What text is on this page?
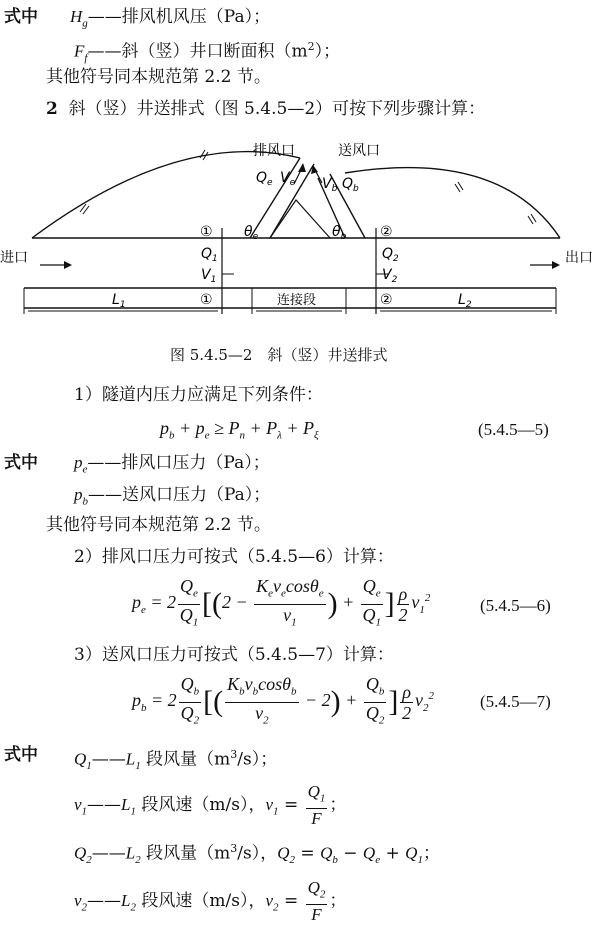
式中 $H_g——$排风机风压（Pa）；
$F_f——$斜（竖）井口断面积$(m^2)$；
其他符号同本规范第 2.2 节。
2 斜（竖）井送排式（图 5.4.5—2）可按下列步骤计算：
排风口	送风口
进口	出口
连接段
①
①
②
②
$Q_e$ $V_e$ $V_b$ $Q_b$
$\theta_e$	$\theta_b$
$Q_1$
$V_1$
$Q_2$
$V_2$
$L_1$	$L_2$
图 5.4.5—2　斜（竖）井送排式
1）隧道内压力应满足下列条件：
$p_b + p_e \ge P_n + P_\lambda + P_\xi$	(5.4.5—5)
式中 $p_e——$排风口压力（Pa）；
$p_b——$送风口压力（Pa）；
其他符号同本规范第 2.2 节。
2）排风口压力可按式（5.4.5—6）计算：
$p_e = 2 \frac{Q_e}{Q_1} [(2 - \frac{K_ev_e\cos\theta_e}{v_1}$ ) + $\frac{Q_e}{Q_1}$ ] $\frac{\rho}{2} v_1^2$	(5.4.5—6)
3）送风口压力可按式（5.4.5—7）计算：
$p_b = 2 \frac{Q_b}{Q_2}$ [( $\frac{K_bv_b\cos\theta_b}{v_2} - 2) + \frac{Q_b}{Q_2}$ ] $\frac{\rho}{2} v_2^2$	(5.4.5—7)
式中 $Q_1——L_1$ 段风量$(m^3/s)$；
$v_1——L_1$ 段风速（m/s），$v_1 = \frac{Q_1}{F}$ ；
$Q_2——L_2$ 段风量$(m^3/s)$，$Q_2 = Q_b - Q_e + Q_1$；
$v_2——L_2$ 段风速（m/s），$v_2 = \frac{Q_2}{F}$ ；
